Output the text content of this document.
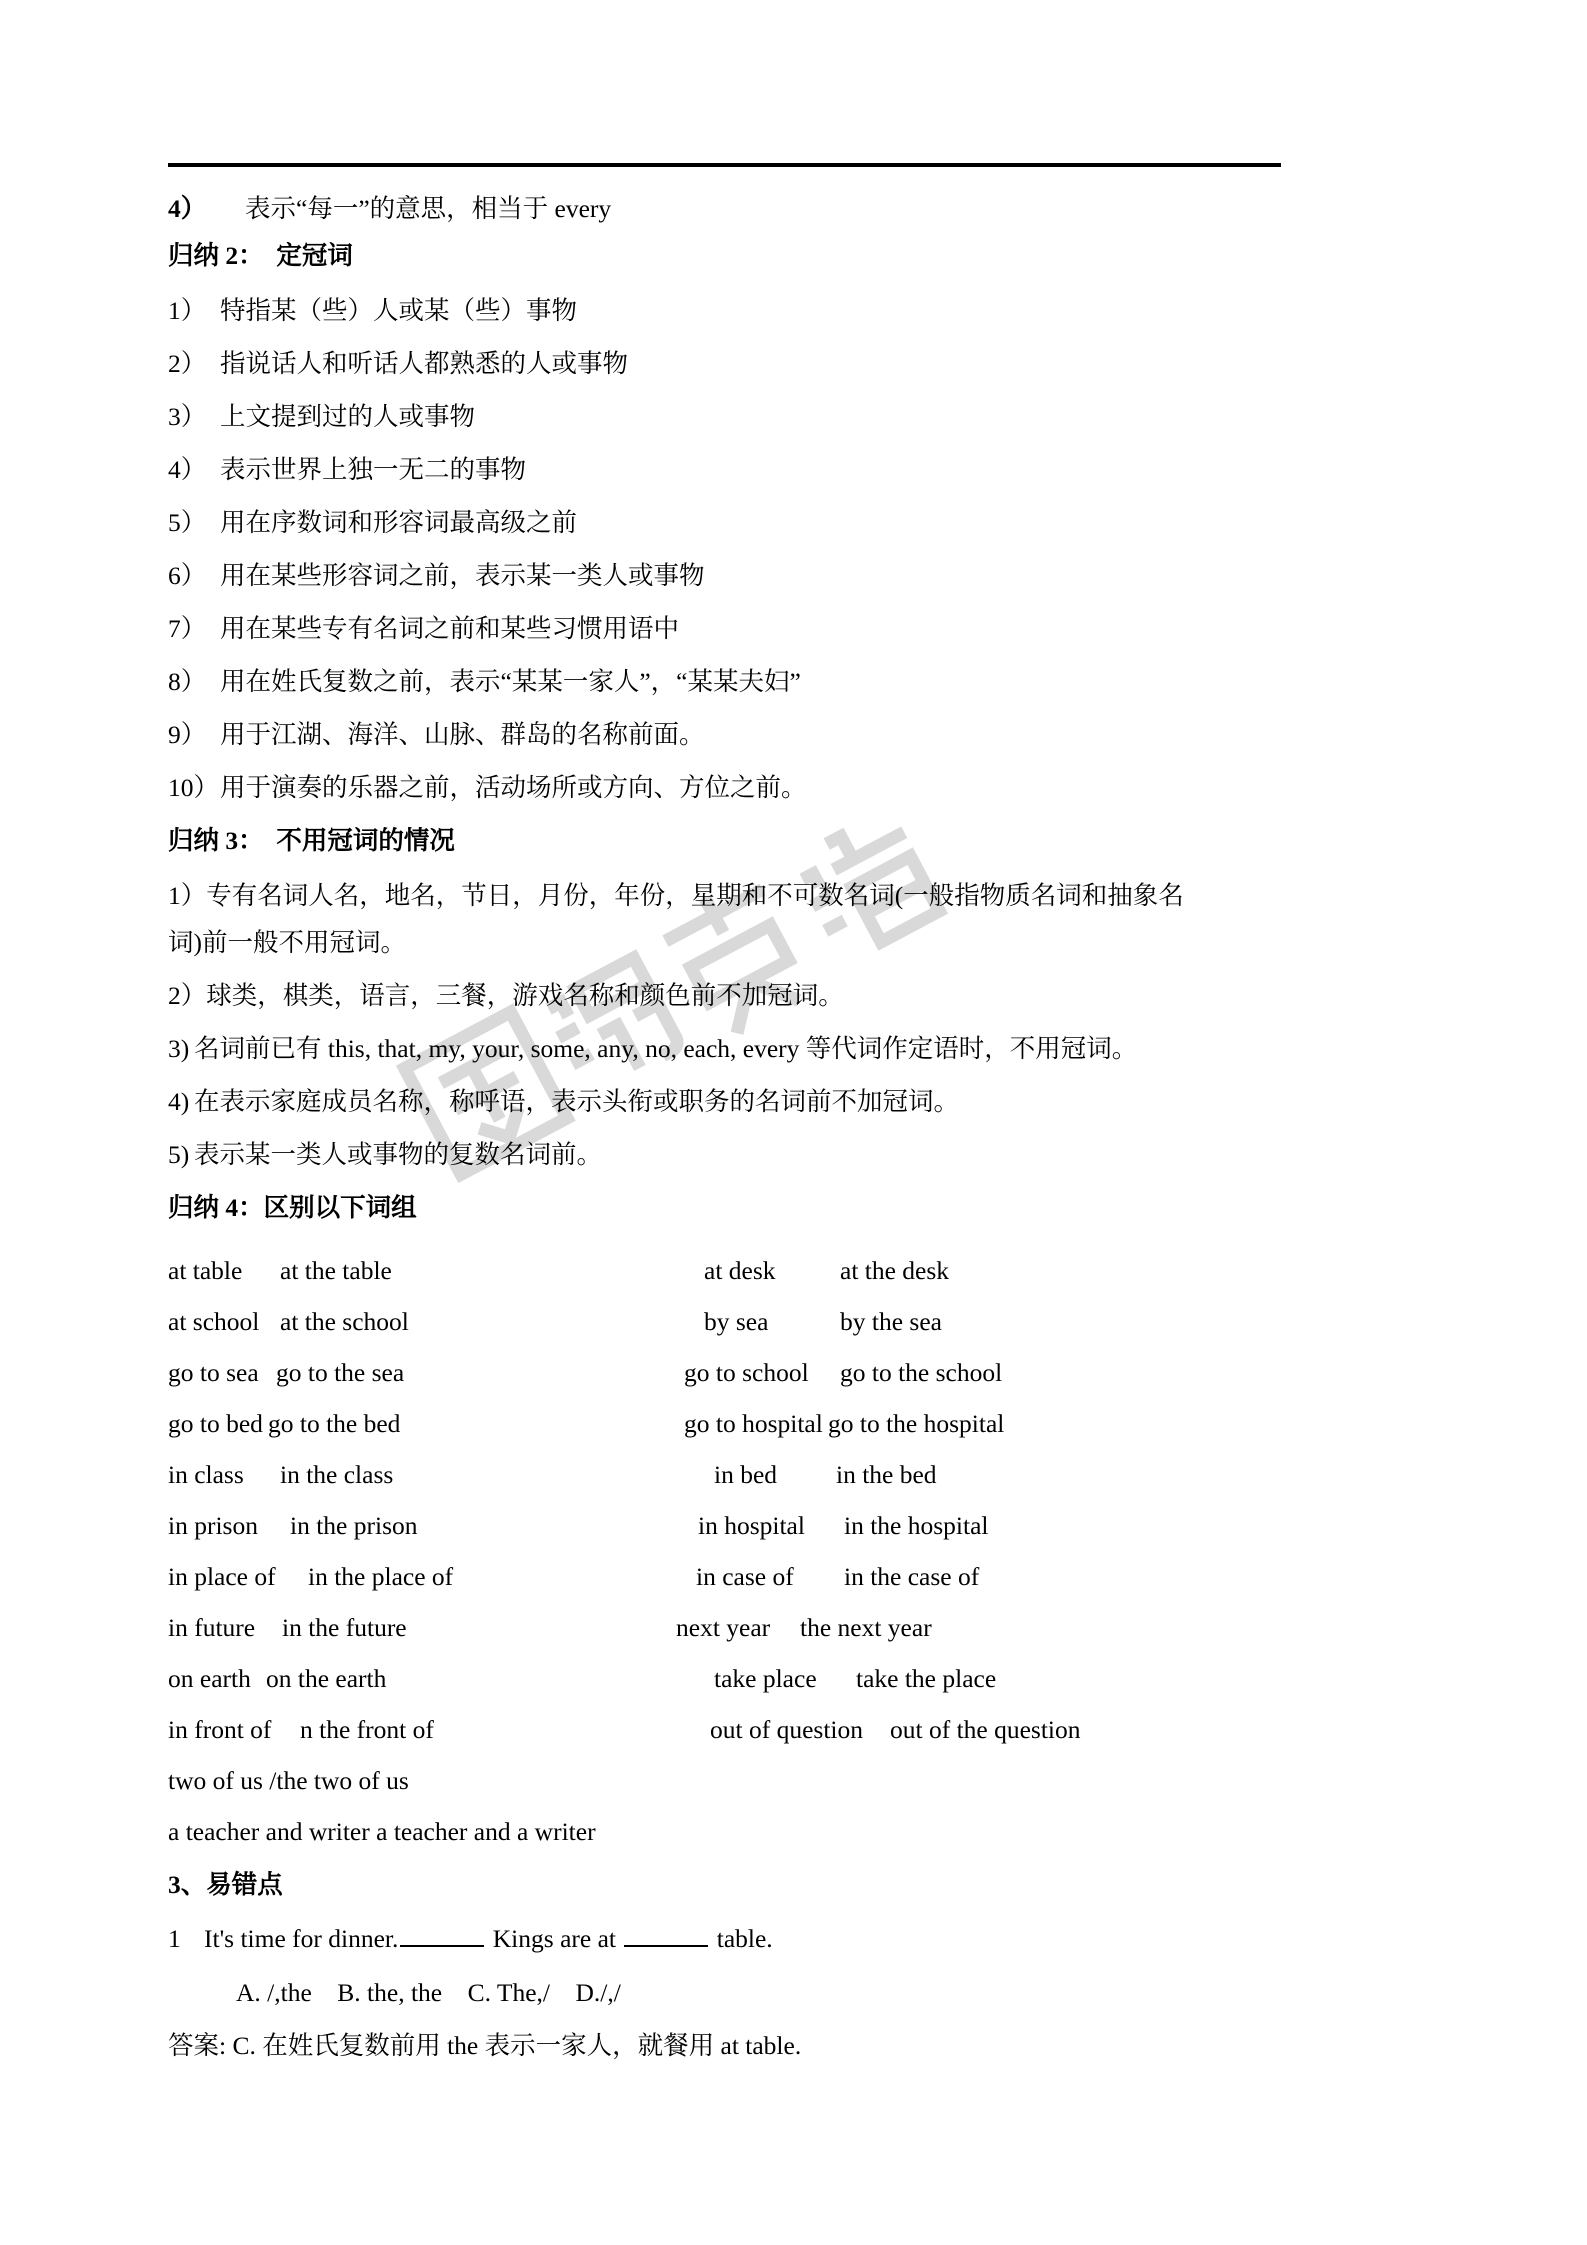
4）	表示“每一”的意思，相当于 every
归纳 2：　定冠词
1） 特指某（些）人或某（些）事物
2） 指说话人和听话人都熟悉的人或事物
3） 上文提到过的人或事物
4） 表示世界上独一无二的事物
5） 用在序数词和形容词最高级之前
6） 用在某些形容词之前，表示某一类人或事物
7） 用在某些专有名词之前和某些习惯用语中
8） 用在姓氏复数之前，表示“某某一家人”，“某某夫妇”
9） 用于江湖、海洋、山脉、群岛的名称前面。
10）用于演奏的乐器之前，活动场所或方向、方位之前。
归纳 3：　不用冠词的情况
1）专有名词人名，地名，节日，月份，年份，星期和不可数名词(一般指物质名词和抽象名
词)前一般不用冠词。
2）球类，棋类，语言，三餐，游戏名称和颜色前不加冠词。
3) 名词前已有 this, that, my, your, some, any, no, each, every 等代词作定语时，不用冠词。
4) 在表示家庭成员名称，称呼语，表示头衔或职务的名词前不加冠词。
5) 表示某一类人或事物的复数名词前。
归纳 4：区别以下词组
at table at the table	at desk	at the desk
at school at the school	by sea	by the sea
go to sea go to the sea	go to school go to the school
go to bed go to the bed	go to hospital go to the hospital
in class in the class	in bed in the bed
in prison in the prison	in hospital in the hospital
in place of in the place of	in case of in the case of
in future in the future	next year the next year
on earth on the earth	take place take the place
in front of n the front of	out of question out of the question
two of us /the two of us
a teacher and writer a teacher and a writer
3、易错点
1 It's time for dinner.	Kings are at	table.
A. /,the　B. the, the　C. The,/　D./,/
答案: C. 在姓氏复数前用 the 表示一家人，就餐用 at table.
